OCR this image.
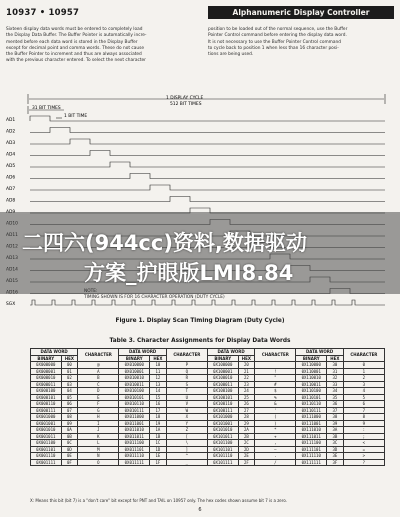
10937 • 10957	Alphanumeric Display Controller
Sixteen display data words must be entered to completely load
the Display Data Buffer. The Buffer Pointer is automatically incre-
mented before each data word is stored in the Display Buffer
except for decimal point and comma words. These do not cause
the Buffer Pointer to increment and thus are always associated
with the previous character entered. To select the next character
position to be loaded out of the normal sequence, use the Buffer
Pointer Control command before entering the display data word.
It is not necessary to use the Buffer Pointer Control command
to cycle back to position 1 when less than 16 character posi-
tions are being used.
1 DISPLAY CYCLE
512 BIT TIMES
31 BIT TIMES
1 BIT TIME
AD1
AD2
AD3
AD4
AD5
AD6
AD7
AD8
SGX
二四六(944cc)资料,数据驱动
方案_护眼版LMI8.84
NOTE:
TIMING SHOWN IS FOR 16 CHARACTER OPERATION (DUTY CYCLE)
Figure 1. Display Scan Timing Diagram (Duty Cycle)
Table 3. Character Assignments for Display Data Words
DATA WORD		CHARACTER	DATA WORD		CHARACTER	DATA WORD		CHARACTER	DATA WORD		CHARACTER
BINARY	HEX		BINARY	HEX		BINARY	HEX		BINARY	HEX	
0X000000	00	@	0X010000	10	P	0X100000	20		0X110000	30	0
0X000001	01	A	0X010001	11	Q	0X100001	21	!	0X110001	31	1
0X000010	02	B	0X010010	12	R	0X100010	22	"	0X110010	32	2
0X000011	03	C	0X010011	13	S	0X100011	23	#	0X110011	33	3
0X000100	04	D	0X010100	14	T	0X100100	24	$	0X110100	34	4
0X000101	05	E	0X010101	15	U	0X100101	25	%	0X110101	35	5
0X000110	06	F	0X010110	16	V	0X100110	26	&	0X110110	36	6
0X000111	07	G	0X010111	17	W	0X100111	27	'	0X110111	37	7
0X001000	08	H	0X011000	18	X	0X101000	28	(	0X111000	38	8
0X001001	09	I	0X011001	19	Y	0X101001	29	)	0X111001	39	9
0X001010	0A	J	0X011010	1A	Z	0X101010	2A	*	0X111010	3A	:
0X001011	0B	K	0X011011	1B	[	0X101011	2B	+	0X111011	3B	;
0X001100	0C	L	0X011100	1C	\	0X101100	2C	,	0X111100	3C	<
0X001101	0D	M	0X011101	1D	]	0X101101	2D	—	0X111101	3D	=
0X001110	0E	N	0X011110	1E	^	0X101110	2E	.	0X111110	3E	>
0X001111	0F	O	0X011111	1F	_	0X101111	2F	/	0X111111	3F	?
X: Means this bit (bit 7) is a "don't care" bit except for PNT and TAIL on 10957 only. The hex codes shown assume bit 7 is a zero.
6
